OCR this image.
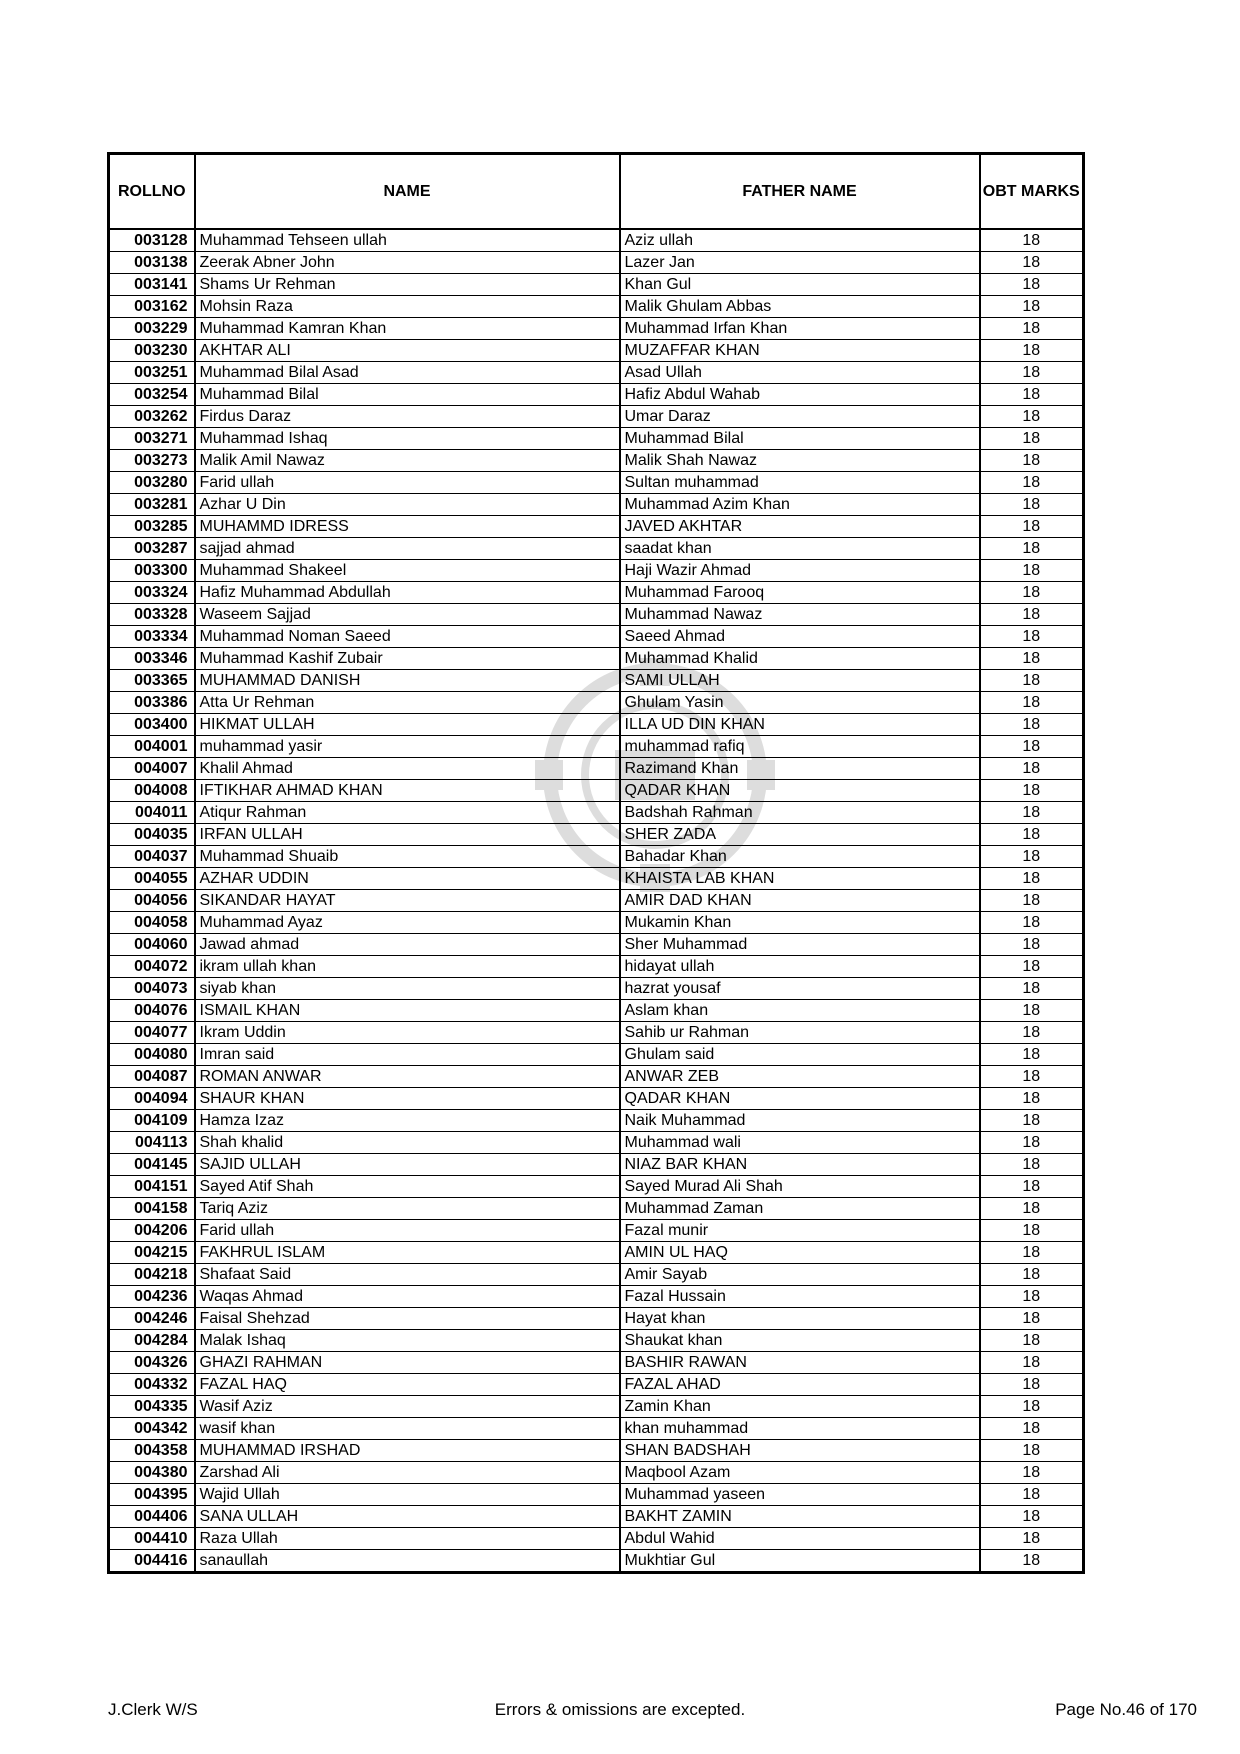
ROLLNO	NAME	FATHER NAME	OBT MARKS
003128	Muhammad Tehseen ullah	Aziz ullah	18
003138	Zeerak Abner John	Lazer Jan	18
003141	Shams Ur Rehman	Khan Gul	18
003162	Mohsin Raza	Malik Ghulam Abbas	18
003229	Muhammad Kamran Khan	Muhammad Irfan Khan	18
003230	AKHTAR ALI	MUZAFFAR KHAN	18
003251	Muhammad Bilal Asad	Asad Ullah	18
003254	Muhammad Bilal	Hafiz Abdul Wahab	18
003262	Firdus Daraz	Umar Daraz	18
003271	Muhammad Ishaq	Muhammad Bilal	18
003273	Malik Amil Nawaz	Malik Shah Nawaz	18
003280	Farid ullah	Sultan muhammad	18
003281	Azhar U Din	Muhammad Azim Khan	18
003285	MUHAMMD IDRESS	JAVED AKHTAR	18
003287	sajjad ahmad	saadat khan	18
003300	Muhammad Shakeel	Haji Wazir Ahmad	18
003324	Hafiz Muhammad Abdullah	Muhammad Farooq	18
003328	Waseem Sajjad	Muhammad Nawaz	18
003334	Muhammad Noman Saeed	Saeed Ahmad	18
003346	Muhammad Kashif Zubair	Muhammad Khalid	18
003365	MUHAMMAD DANISH	SAMI ULLAH	18
003386	Atta Ur Rehman	Ghulam Yasin	18
003400	HIKMAT ULLAH	ILLA UD DIN KHAN	18
004001	muhammad yasir	muhammad rafiq	18
004007	Khalil Ahmad	Razimand Khan	18
004008	IFTIKHAR AHMAD KHAN	QADAR KHAN	18
004011	Atiqur Rahman	Badshah Rahman	18
004035	IRFAN ULLAH	SHER ZADA	18
004037	Muhammad Shuaib	Bahadar Khan	18
004055	AZHAR UDDIN	KHAISTA LAB KHAN	18
004056	SIKANDAR HAYAT	AMIR DAD KHAN	18
004058	Muhammad Ayaz	Mukamin Khan	18
004060	Jawad ahmad	Sher Muhammad	18
004072	ikram ullah khan	hidayat ullah	18
004073	siyab khan	hazrat yousaf	18
004076	ISMAIL KHAN	Aslam khan	18
004077	Ikram Uddin	Sahib ur Rahman	18
004080	Imran said	Ghulam said	18
004087	ROMAN ANWAR	ANWAR ZEB	18
004094	SHAUR KHAN	QADAR KHAN	18
004109	Hamza Izaz	Naik Muhammad	18
004113	Shah khalid	Muhammad wali	18
004145	SAJID ULLAH	NIAZ BAR KHAN	18
004151	Sayed Atif Shah	Sayed Murad Ali Shah	18
004158	Tariq Aziz	Muhammad Zaman	18
004206	Farid ullah	Fazal munir	18
004215	FAKHRUL ISLAM	AMIN UL HAQ	18
004218	Shafaat Said	Amir Sayab	18
004236	Waqas Ahmad	Fazal Hussain	18
004246	Faisal Shehzad	Hayat khan	18
004284	Malak Ishaq	Shaukat khan	18
004326	GHAZI RAHMAN	BASHIR RAWAN	18
004332	FAZAL HAQ	FAZAL AHAD	18
004335	Wasif Aziz	Zamin Khan	18
004342	wasif khan	khan muhammad	18
004358	MUHAMMAD IRSHAD	SHAN BADSHAH	18
004380	Zarshad Ali	Maqbool Azam	18
004395	Wajid Ullah	Muhammad yaseen	18
004406	SANA ULLAH	BAKHT ZAMIN	18
004410	Raza Ullah	Abdul Wahid	18
004416	sanaullah	Mukhtiar Gul	18
J.Clerk W/S	Errors & omissions are excepted.	Page No.46 of 170
